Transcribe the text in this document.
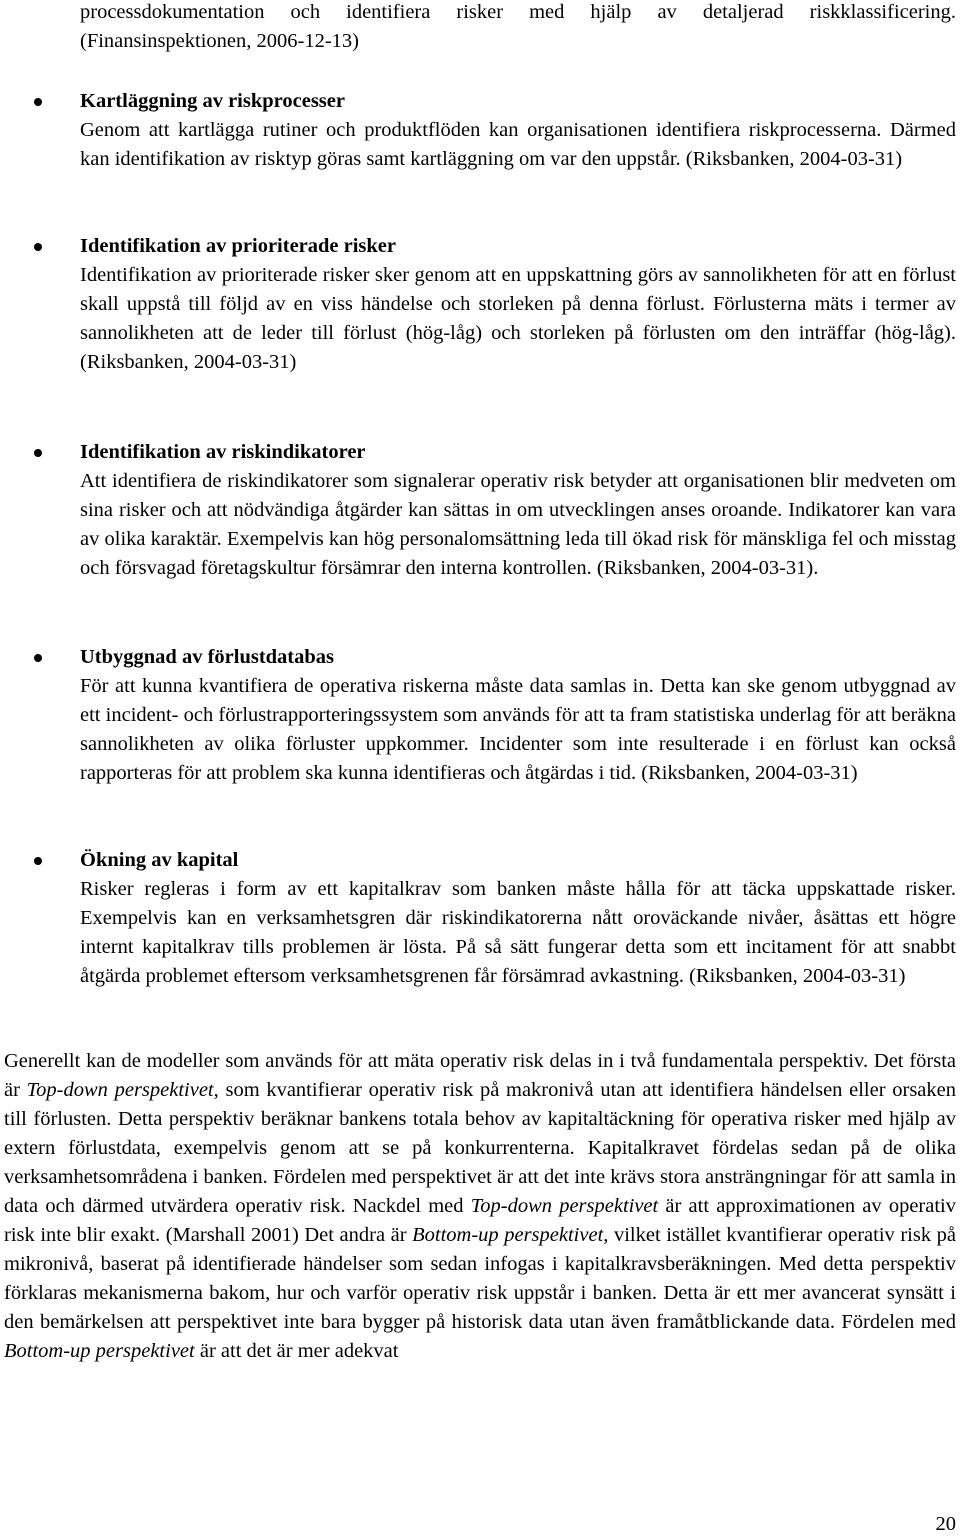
processdokumentation och identifiera risker med hjälp av detaljerad riskklassificering. (Finansinspektionen, 2006-12-13)
Kartläggning av riskprocesser
Genom att kartlägga rutiner och produktflöden kan organisationen identifiera riskprocesserna. Därmed kan identifikation av risktyp göras samt kartläggning om var den uppstår. (Riksbanken, 2004-03-31)
Identifikation av prioriterade risker
Identifikation av prioriterade risker sker genom att en uppskattning görs av sannolikheten för att en förlust skall uppstå till följd av en viss händelse och storleken på denna förlust. Förlusterna mäts i termer av sannolikheten att de leder till förlust (hög-låg) och storleken på förlusten om den inträffar (hög-låg). (Riksbanken, 2004-03-31)
Identifikation av riskindikatorer
Att identifiera de riskindikatorer som signalerar operativ risk betyder att organisationen blir medveten om sina risker och att nödvändiga åtgärder kan sättas in om utvecklingen anses oroande. Indikatorer kan vara av olika karaktär. Exempelvis kan hög personalomsättning leda till ökad risk för mänskliga fel och misstag och försvagad företagskultur försämrar den interna kontrollen. (Riksbanken, 2004-03-31).
Utbyggnad av förlustdatabas
För att kunna kvantifiera de operativa riskerna måste data samlas in. Detta kan ske genom utbyggnad av ett incident- och förlustrapporteringssystem som används för att ta fram statistiska underlag för att beräkna sannolikheten av olika förluster uppkommer. Incidenter som inte resulterade i en förlust kan också rapporteras för att problem ska kunna identifieras och åtgärdas i tid. (Riksbanken, 2004-03-31)
Ökning av kapital
Risker regleras i form av ett kapitalkrav som banken måste hålla för att täcka uppskattade risker. Exempelvis kan en verksamhetsgren där riskindikatorerna nått oroväckande nivåer, åsättas ett högre internt kapitalkrav tills problemen är lösta. På så sätt fungerar detta som ett incitament för att snabbt åtgärda problemet eftersom verksamhetsgrenen får försämrad avkastning. (Riksbanken, 2004-03-31)
Generellt kan de modeller som används för att mäta operativ risk delas in i två fundamentala perspektiv. Det första är Top-down perspektivet, som kvantifierar operativ risk på makronivå utan att identifiera händelsen eller orsaken till förlusten. Detta perspektiv beräknar bankens totala behov av kapitaltäckning för operativa risker med hjälp av extern förlustdata, exempelvis genom att se på konkurrenterna. Kapitalkravet fördelas sedan på de olika verksamhetsområdena i banken. Fördelen med perspektivet är att det inte krävs stora ansträngningar för att samla in data och därmed utvärdera operativ risk. Nackdel med Top-down perspektivet är att approximationen av operativ risk inte blir exakt. (Marshall 2001) Det andra är Bottom-up perspektivet, vilket istället kvantifierar operativ risk på mikronivå, baserat på identifierade händelser som sedan infogas i kapitalkravsberäkningen. Med detta perspektiv förklaras mekanismerna bakom, hur och varför operativ risk uppstår i banken. Detta är ett mer avancerat synsätt i den bemärkelsen att perspektivet inte bara bygger på historisk data utan även framåtblickande data. Fördelen med Bottom-up perspektivet är att det är mer adekvat
20
